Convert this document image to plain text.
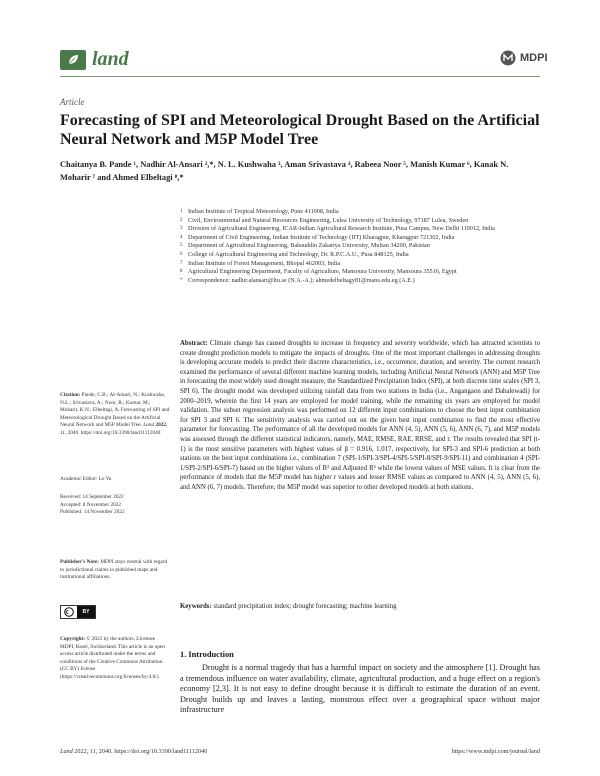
land	MDPI
Article
Forecasting of SPI and Meteorological Drought Based on the Artificial Neural Network and M5P Model Tree
Chaitanya B. Pande ¹, Nadhir Al-Ansari ²,*, N. L. Kushwaha ³, Aman Srivastava ⁴, Rabeea Noor ⁵, Manish Kumar ⁶, Kanak N. Moharir ⁷ and Ahmed Elbeltagi ⁸,*
1 Indian Institute of Tropical Meteorology, Pune 411008, India
2 Civil, Environmental and Natural Resources Engineering, Lulea University of Technology, 97187 Lulea, Sweden
3 Division of Agricultural Engineering, ICAR-Indian Agricultural Research Institute, Pusa Campus, New Delhi 110012, India
4 Department of Civil Engineering, Indian Institute of Technology (IIT) Kharagpur, Kharagpur 721302, India
5 Department of Agricultural Engineering, Bahauddin Zakariya University, Multan 34200, Pakistan
6 College of Agricultural Engineering and Technology, Dr. R.P.C.A.U., Pusa 848125, India
7 Indian Institute of Forest Management, Bhopal 462003, India
8 Agricultural Engineering Department, Faculty of Agriculture, Mansoura University, Mansoura 35516, Egypt
* Correspondence: nadhir.alansari@ltu.se (N.A.-A.); ahmedelbeltagy81@mans.edu.eg (A.E.)

Abstract: Climate change has caused droughts to increase in frequency and severity worldwide, which has attracted scientists to create drought prediction models to mitigate the impacts of droughts. One of the most important challenges in addressing droughts is developing accurate models to predict their discrete characteristics, i.e., occurrence, duration, and severity. The current research examined the performance of several different machine learning models, including Artificial Neural Network (ANN) and M5P Tree in forecasting the most widely used drought measure, the Standardized Precipitation Index (SPI), at both discrete time scales (SPI 3, SPI 6). The drought model was developed utilizing rainfall data from two stations in India (i.e., Angangaon and Dahalewadi) for 2000–2019, wherein the first 14 years are employed for model training, while the remaining six years are employed for model validation. The subset regression analysis was performed on 12 different input combinations to choose the best input combination for SPI 3 and SPI 6. The sensitivity analysis was carried out on the given best input combination to find the most effective parameter for forecasting. The performance of all the developed models for ANN (4, 5), ANN (5, 6), ANN (6, 7), and M5P models was assessed through the different statistical indicators, namely, MAE, RMSE, RAE, RRSE, and r. The results revealed that SPI (t-1) is the most sensitive parameters with highest values of β = 0.916, 1.017, respectively, for SPI-3 and SPI-6 prediction at both stations on the best input combinations i.e., combination 7 (SPI-1/SPI-3/SPI-4/SPI-5/SPI-8/SPI-9/SPI-11) and combination 4 (SPI-1/SPI-2/SPI-6/SPI-7) based on the higher values of R² and Adjusted R² while the lowest values of MSE values. It is clear from the performance of models that the M5P model has higher r values and lesser RMSE values as compared to ANN (4, 5), ANN (5, 6), and ANN (6, 7) models. Therefore, the M5P model was superior to other developed models at both stations.

Keywords: standard precipitation index; drought forecasting; machine learning

Citation: Pande, C.B.; Al-Ansari, N.; Kushwaha, N.L.; Srivastava, A.; Noor, R.; Kumar, M.; Moharir, K.N.; Elbeltagi, A. Forecasting of SPI and Meteorological Drought Based on the Artificial Neural Network and M5P Model Tree. Land 2022, 11, 2040. https://doi.org/10.3390/land11112040

Academic Editor: Le Yu

Received: 14 September 2022
Accepted: 8 November 2022
Published: 14 November 2022

Publisher's Note: MDPI stays neutral with regard to jurisdictional claims in published maps and institutional affiliations.

BY

Copyright: © 2022 by the authors. Licensee MDPI, Basel, Switzerland. This article is an open access article distributed under the terms and conditions of the Creative Commons Attribution (CC BY) license (https://creativecommons.org/licenses/by/4.0/).

1. Introduction

Drought is a normal tragedy that has a harmful impact on society and the atmosphere [1]. Drought has a tremendous influence on water availability, climate, agricultural production, and a huge effect on a region's economy [2,3]. It is not easy to define drought because it is difficult to estimate the duration of an event. Drought builds up and leaves a lasting, monstrous effect over a geographical space without major infrastructure

Land 2022, 11, 2040. https://doi.org/10.3390/land11112040	https://www.mdpi.com/journal/land
